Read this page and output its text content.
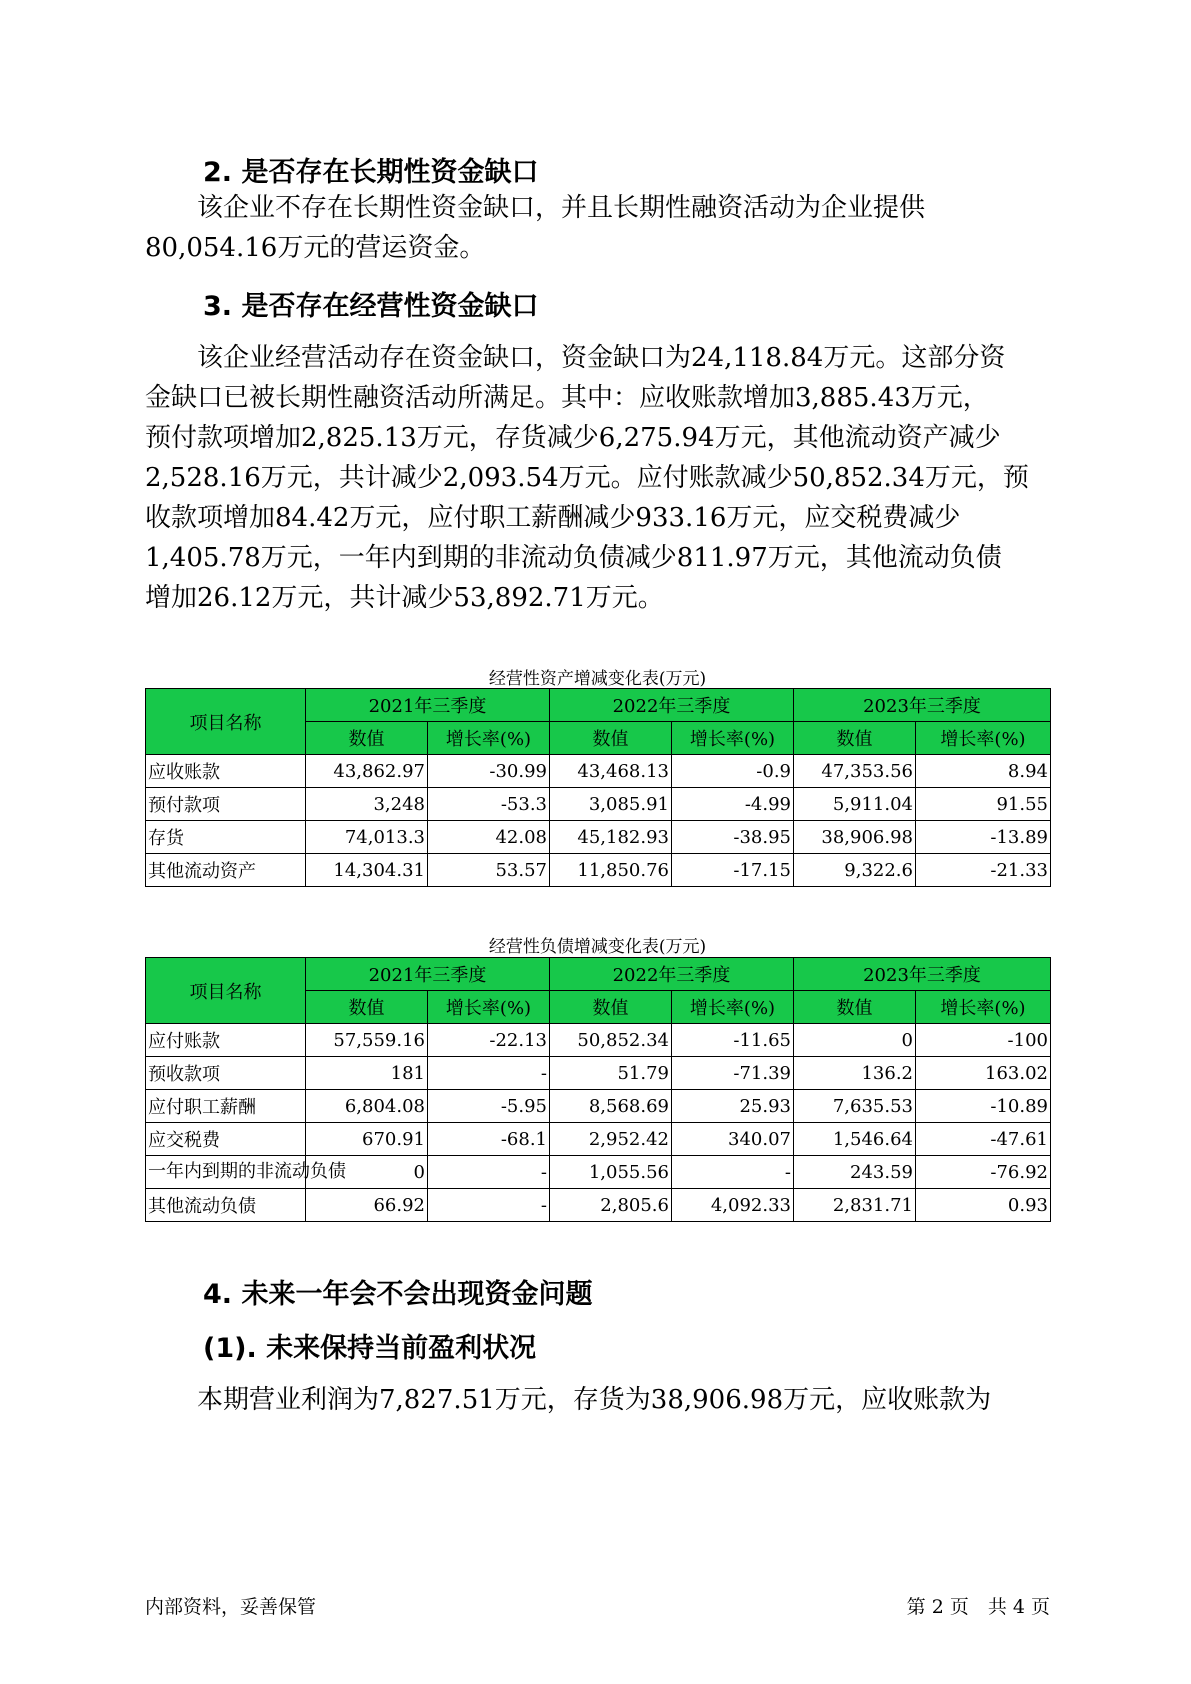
2. 是否存在长期性资金缺口
　　该企业不存在长期性资金缺口，并且长期性融资活动为企业提供
80,054.16万元的营运资金。
3. 是否存在经营性资金缺口
　　该企业经营活动存在资金缺口，资金缺口为24,118.84万元。这部分资
金缺口已被长期性融资活动所满足。其中：应收账款增加3,885.43万元，
预付款项增加2,825.13万元，存货减少6,275.94万元，其他流动资产减少
2,528.16万元，共计减少2,093.54万元。应付账款减少50,852.34万元，预
收款项增加84.42万元，应付职工薪酬减少933.16万元，应交税费减少
1,405.78万元，一年内到期的非流动负债减少811.97万元，其他流动负债
增加26.12万元，共计减少53,892.71万元。
经营性资产增减变化表(万元)
项目名称	2021年三季度		2022年三季度		2023年三季度	
	数值	增长率(%)	数值	增长率(%)	数值	增长率(%)
应收账款	43,862.97	-30.99	43,468.13	-0.9	47,353.56	8.94
预付款项	3,248	-53.3	3,085.91	-4.99	5,911.04	91.55
存货	74,013.3	42.08	45,182.93	-38.95	38,906.98	-13.89
其他流动资产	14,304.31	53.57	11,850.76	-17.15	9,322.6	-21.33
经营性负债增减变化表(万元)
项目名称	2021年三季度		2022年三季度		2023年三季度	
	数值	增长率(%)	数值	增长率(%)	数值	增长率(%)
应付账款	57,559.16	-22.13	50,852.34	-11.65	0	-100
预收款项	181	-	51.79	-71.39	136.2	163.02
应付职工薪酬	6,804.08	-5.95	8,568.69	25.93	7,635.53	-10.89
应交税费	670.91	-68.1	2,952.42	340.07	1,546.64	-47.61
一年内到期的非流动负债	0	-	1,055.56	-	243.59	-76.92
其他流动负债	66.92	-	2,805.6	4,092.33	2,831.71	0.93
4. 未来一年会不会出现资金问题
(1). 未来保持当前盈利状况
　　本期营业利润为7,827.51万元，存货为38,906.98万元，应收账款为
内部资料，妥善保管	第 2 页　共 4 页
